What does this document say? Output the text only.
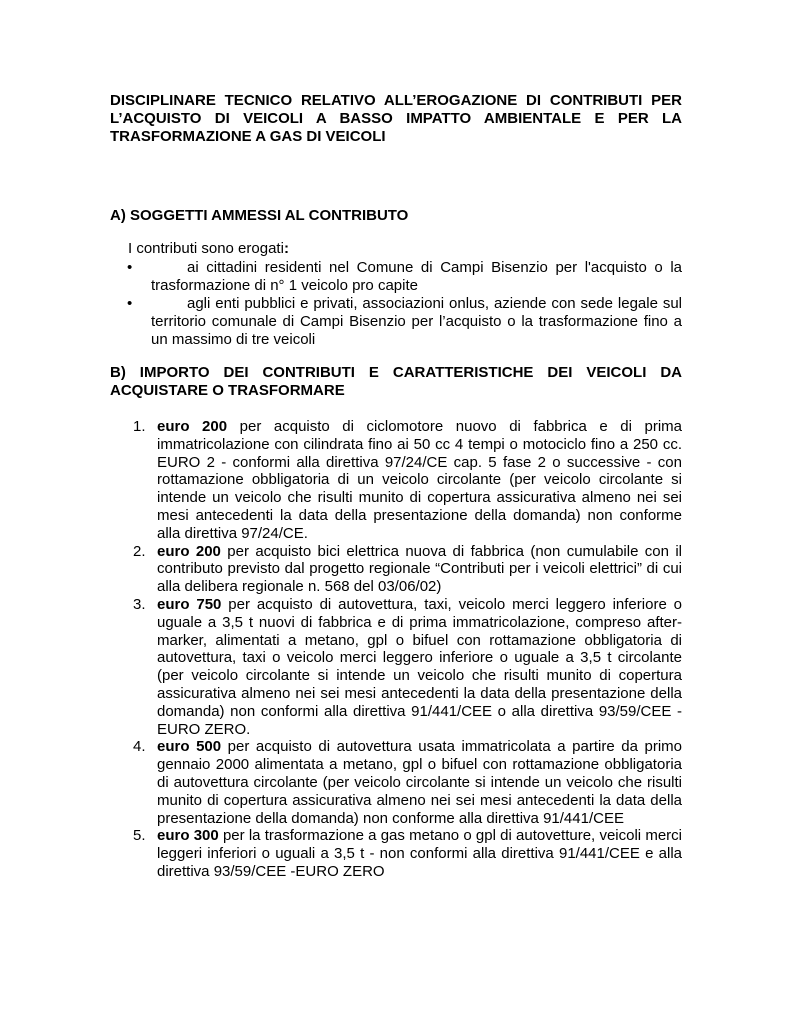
DISCIPLINARE TECNICO RELATIVO ALL’EROGAZIONE DI CONTRIBUTI PER L’ACQUISTO DI VEICOLI A BASSO IMPATTO AMBIENTALE E PER LA TRASFORMAZIONE A GAS DI VEICOLI

A) SOGGETTI AMMESSI AL CONTRIBUTO

I contributi sono erogati:

•	ai cittadini residenti nel Comune di Campi Bisenzio per l'acquisto o la trasformazione di n° 1 veicolo pro capite
•	agli enti pubblici e privati, associazioni onlus, aziende con sede legale sul territorio comunale di Campi Bisenzio per l’acquisto o la trasformazione fino a un massimo di tre veicoli

B) IMPORTO DEI CONTRIBUTI E CARATTERISTICHE DEI VEICOLI DA ACQUISTARE O TRASFORMARE

1. euro 200 per acquisto di ciclomotore nuovo di fabbrica e di prima immatricolazione con cilindrata fino ai 50 cc 4 tempi o motociclo fino a 250 cc. EURO 2 - conformi alla direttiva 97/24/CE cap. 5 fase 2 o successive - con rottamazione obbligatoria di un veicolo circolante (per veicolo circolante si intende un veicolo che risulti munito di copertura assicurativa almeno nei sei mesi antecedenti la data della presentazione della domanda) non conforme alla direttiva 97/24/CE.
2. euro 200 per acquisto bici elettrica nuova di fabbrica (non cumulabile con il contributo previsto dal progetto regionale “Contributi per i veicoli elettrici” di cui alla delibera regionale n. 568 del 03/06/02)
3. euro 750 per acquisto di autovettura, taxi, veicolo merci leggero inferiore o uguale a 3,5 t nuovi di fabbrica e di prima immatricolazione, compreso after-marker, alimentati a metano, gpl o bifuel con rottamazione obbligatoria di autovettura, taxi o veicolo merci leggero inferiore o uguale a 3,5 t circolante (per veicolo circolante si intende un veicolo che risulti munito di copertura assicurativa almeno nei sei mesi antecedenti la data della presentazione della domanda) non conformi alla direttiva 91/441/CEE o alla direttiva 93/59/CEE -EURO ZERO.
4. euro 500 per acquisto di autovettura usata immatricolata a partire da primo gennaio 2000 alimentata a metano, gpl o bifuel con rottamazione obbligatoria di autovettura circolante (per veicolo circolante si intende un veicolo che risulti munito di copertura assicurativa almeno nei sei mesi antecedenti la data della presentazione della domanda) non conforme alla direttiva 91/441/CEE
5. euro 300 per la trasformazione a gas metano o gpl di autovetture, veicoli merci leggeri inferiori o uguali a 3,5 t - non conformi alla direttiva 91/441/CEE e alla direttiva 93/59/CEE -EURO ZERO
